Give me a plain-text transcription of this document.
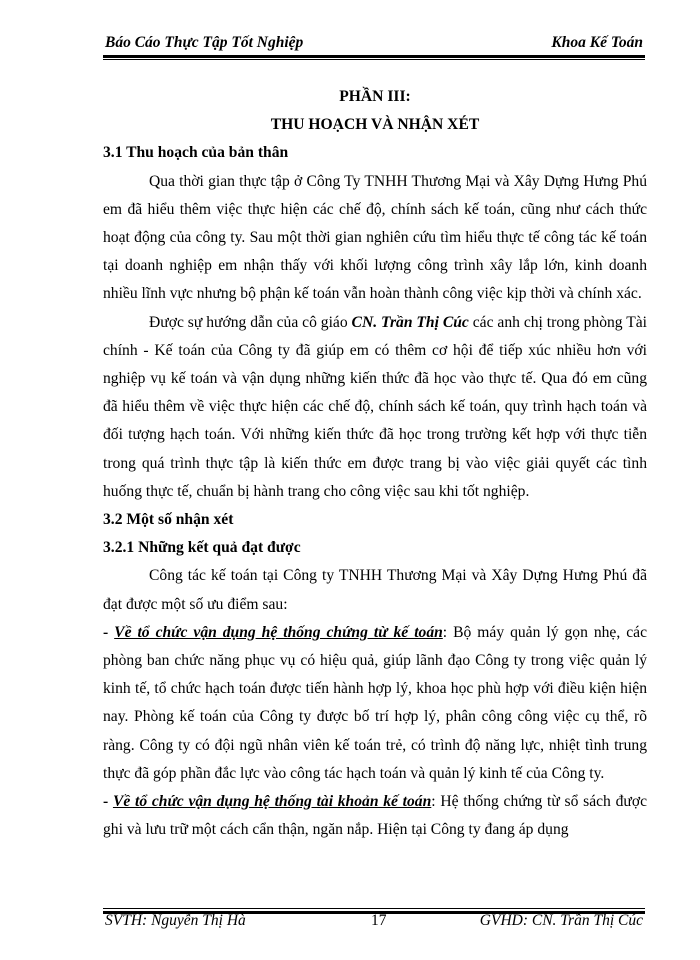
Báo Cáo Thực Tập Tốt Nghiệp	Khoa Kế Toán

PHẦN III:

THU HOẠCH VÀ NHẬN XÉT

3.1 Thu hoạch của bản thân

Qua thời gian thực tập ở Công Ty TNHH Thương Mại và Xây Dựng Hưng Phú em đã hiểu thêm việc thực hiện các chế độ, chính sách kế toán, cũng như cách thức hoạt động của công ty. Sau một thời gian nghiên cứu tìm hiểu thực tế công tác kế toán tại doanh nghiệp em nhận thấy với khối lượng công trình xây lắp lớn, kinh doanh nhiều lĩnh vực nhưng bộ phận kế toán vẫn hoàn thành công việc kịp thời và chính xác.

Được sự hướng dẫn của cô giáo CN. Trần Thị Cúc các anh chị trong phòng Tài chính - Kế toán của Công ty đã giúp em có thêm cơ hội để tiếp xúc nhiều hơn với nghiệp vụ kế toán và vận dụng những kiến thức đã học vào thực tế. Qua đó em cũng đã hiểu thêm về việc thực hiện các chế độ, chính sách kế toán, quy trình hạch toán và đối tượng hạch toán. Với những kiến thức đã học trong trường kết hợp với thực tiễn trong quá trình thực tập là kiến thức em được trang bị vào việc giải quyết các tình huống thực tế, chuẩn bị hành trang cho công việc sau khi tốt nghiệp.

3.2 Một số nhận xét

3.2.1 Những kết quả đạt được

Công tác kế toán tại Công ty TNHH Thương Mại và Xây Dựng Hưng Phú đã đạt được một số ưu điểm sau:

- Về tổ chức vận dụng hệ thống chứng từ kế toán: Bộ máy quản lý gọn nhẹ, các phòng ban chức năng phục vụ có hiệu quả, giúp lãnh đạo Công ty trong việc quản lý kinh tế, tổ chức hạch toán được tiến hành hợp lý, khoa học phù hợp với điều kiện hiện nay. Phòng kế toán của Công ty được bố trí hợp lý, phân công công việc cụ thể, rõ ràng. Công ty có đội ngũ nhân viên kế toán trẻ, có trình độ năng lực, nhiệt tình trung thực đã góp phần đắc lực vào công tác hạch toán và quản lý kinh tế của Công ty.

- Về tổ chức vận dụng hệ thống tài khoản kế toán: Hệ thống chứng từ sổ sách được ghi và lưu trữ một cách cẩn thận, ngăn nắp. Hiện tại Công ty đang áp dụng

SVTH: Nguyễn Thị Hà	17	GVHD: CN. Trần Thị Cúc
